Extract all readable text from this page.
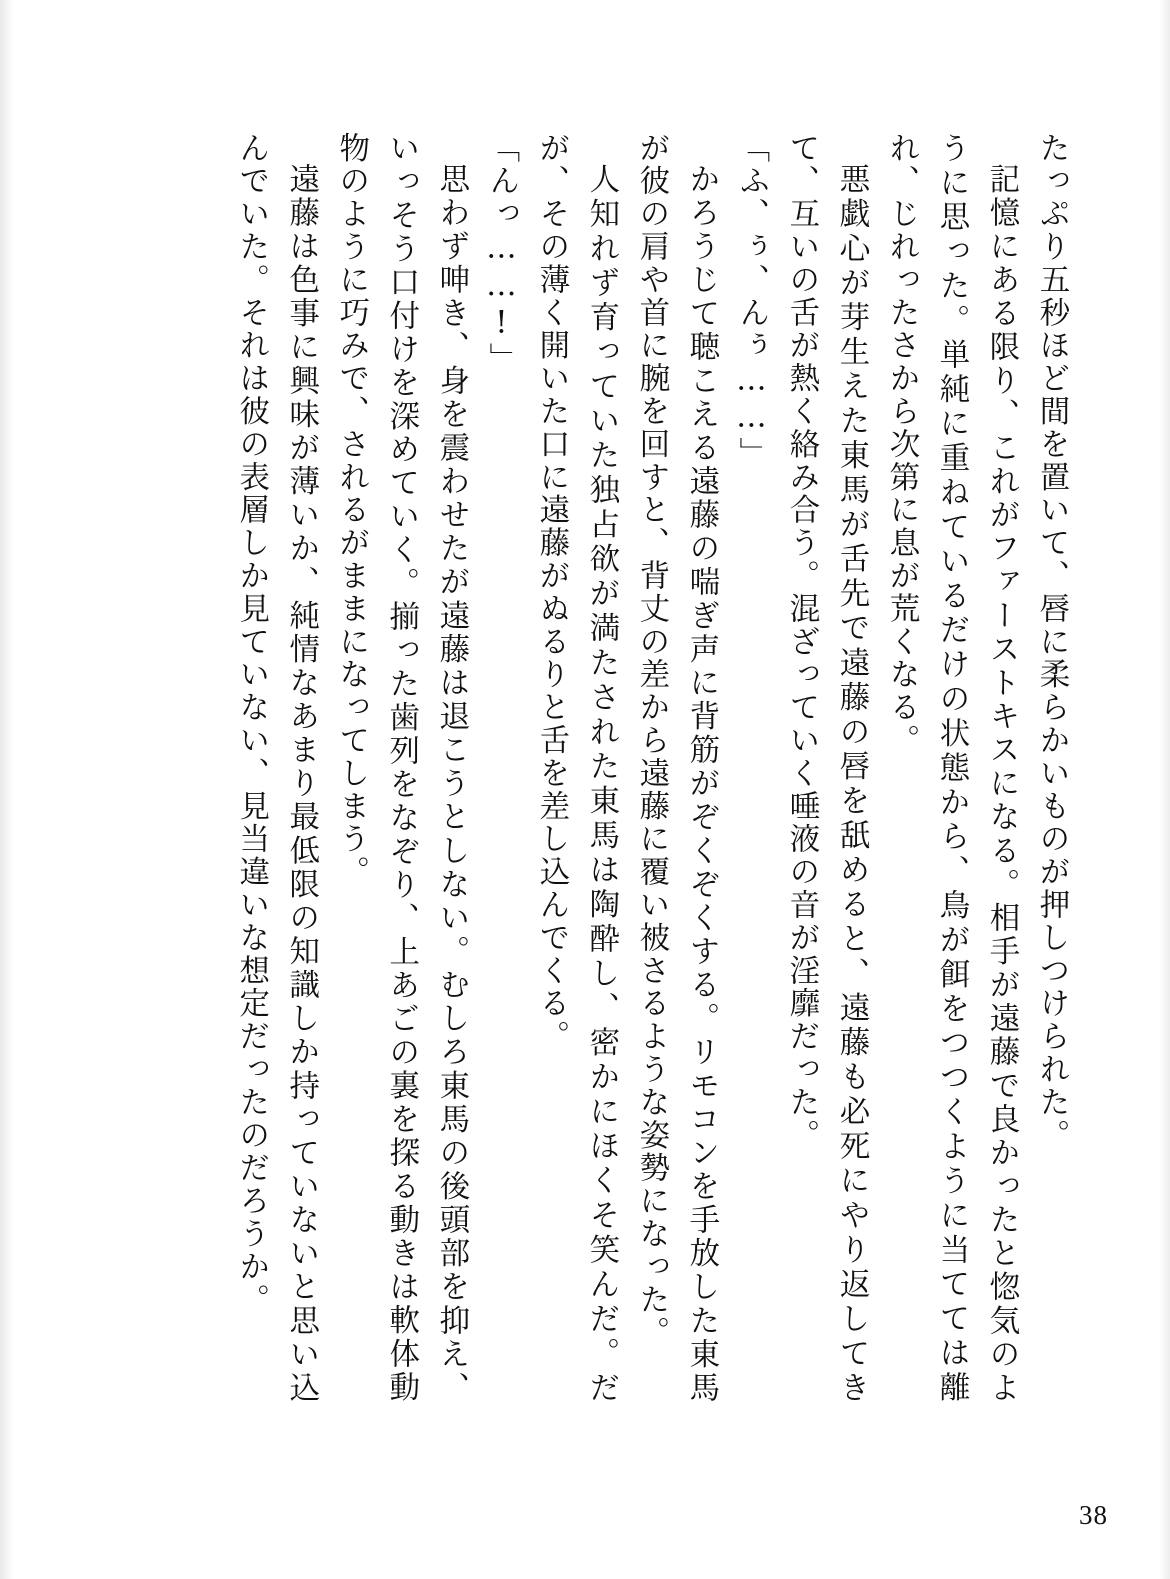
たっぷり五秒ほど間を置いて、唇に柔らかいものが押しつけられた。

記憶にある限り、これがファーストキスになる。相手が遠藤で良かったと惚気のように思った。単純に重ねているだけの状態から、鳥が餌をつつくように当てては離れ、じれったさから次第に息が荒くなる。

悪戯心が芽生えた東馬が舌先で遠藤の唇を舐めると、遠藤も必死にやり返してきて、互いの舌が熱く絡み合う。混ざっていく唾液の音が淫靡だった。

「ふ、ぅ、んぅ……」

かろうじて聴こえる遠藤の喘ぎ声に背筋がぞくぞくする。リモコンを手放した東馬が彼の肩や首に腕を回すと、背丈の差から遠藤に覆い被さるような姿勢になった。

人知れず育っていた独占欲が満たされた東馬は陶酔し、密かにほくそ笑んだ。だが、その薄く開いた口に遠藤がぬるりと舌を差し込んでくる。

「んっ……!」

思わず呻き、身を震わせたが遠藤は退こうとしない。むしろ東馬の後頭部を抑え、いっそう口付けを深めていく。揃った歯列をなぞり、上あごの裏を探る動きは軟体動物のように巧みで、されるがままになってしまう。

遠藤は色事に興味が薄いか、純情なあまり最低限の知識しか持っていないと思い込んでいた。それは彼の表層しか見ていない、見当違いな想定だったのだろうか。

38
